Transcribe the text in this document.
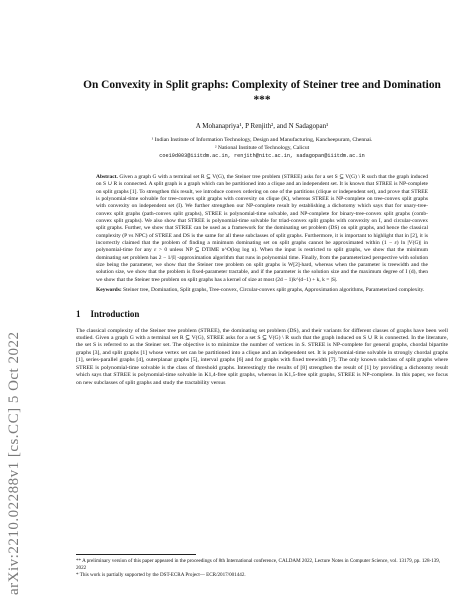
arXiv:2210.02288v1 [cs.CC] 5 Oct 2022
On Convexity in Split graphs: Complexity of Steiner tree and Domination ***
A Mohanapriya¹, P Renjith², and N Sadagopan¹
¹ Indian Institute of Information Technology, Design and Manufacturing, Kancheepuram, Chennai.
² National Institute of Technology, Calicut
coe19d003@iiitdm.ac.in, renjith@nitc.ac.in, sadagopan@iiitdm.ac.in
Abstract. Given a graph G with a terminal set R ⊆ V(G), the Steiner tree problem (STREE) asks for a set S ⊆ V(G) \ R such that the graph induced on S ∪ R is connected. A split graph is a graph which can be partitioned into a clique and an independent set. It is known that STREE is NP-complete on split graphs [1]. To strengthen this result, we introduce convex ordering on one of the partitions (clique or independent set), and prove that STREE is polynomial-time solvable for tree-convex split graphs with convexity on clique (K), whereas STREE is NP-complete on tree-convex split graphs with convexity on independent set (I). We further strengthen our NP-complete result by establishing a dichotomy which says that for unary-tree-convex split graphs (path-convex split graphs), STREE is polynomial-time solvable, and NP-complete for binary-tree-convex split graphs (comb-convex split graphs). We also show that STREE is polynomial-time solvable for triad-convex split graphs with convexity on I, and circular-convex split graphs. Further, we show that STREE can be used as a framework for the dominating set problem (DS) on split graphs, and hence the classical complexity (P vs NPC) of STREE and DS is the same for all these subclasses of split graphs. Furthermore, it is important to highlight that in [2], it is incorrectly claimed that the problem of finding a minimum dominating set on split graphs cannot be approximated within (1 − ε) ln |V(G)| in polynomial-time for any ε > 0 unless NP ⊆ DTIME n^O(log log n). When the input is restricted to split graphs, we show that the minimum dominating set problem has 2 − 1/|I| -approximation algorithm that runs in polynomial time. Finally, from the parameterized perspective with solution size being the parameter, we show that the Steiner tree problem on split graphs is W[2]-hard, whereas when the parameter is treewidth and the solution size, we show that the problem is fixed-parameter tractable, and if the parameter is the solution size and the maximum degree of I (d), then we show that the Steiner tree problem on split graphs has a kernel of size at most (2d − 1)k^(d−1) + k, k = |S|.
Keywords: Steiner tree, Domination, Split graphs, Tree-convex, Circular-convex split graphs, Approximation algorithms, Parameterized complexity.
1 Introduction
The classical complexity of the Steiner tree problem (STREE), the dominating set problem (DS), and their variants for different classes of graphs have been well studied. Given a graph G with a terminal set R ⊆ V(G), STREE asks for a set S ⊆ V(G) \ R such that the graph induced on S ∪ R is connected. In the literature, the set S is referred to as the Steiner set. The objective is to minimize the number of vertices in S. STREE is NP-complete for general graphs, chordal bipartite graphs [3], and split graphs [1] whose vertex set can be partitioned into a clique and an independent set. It is polynomial-time solvable in strongly chordal graphs [1], series-parallel graphs [4], outerplanar graphs [5], interval graphs [6] and for graphs with fixed treewidth [7]. The only known subclass of split graphs where STREE is polynomial-time solvable is the class of threshold graphs. Interestingly the results of [8] strengthen the result of [1] by providing a dichotomy result which says that STREE is polynomial-time solvable in K1,4-free split graphs, whereas in K1,5-free split graphs, STREE is NP-complete. In this paper, we focus on new subclasses of split graphs and study the tractability versus
** A preliminary version of this paper appeared in the proceedings of 8th International conference, CALDAM 2022, Lecture Notes in Computer Science, vol. 13179, pp. 128-139, 2022
* This work is partially supported by the DST-ECRA Project— ECR/2017/001442.
